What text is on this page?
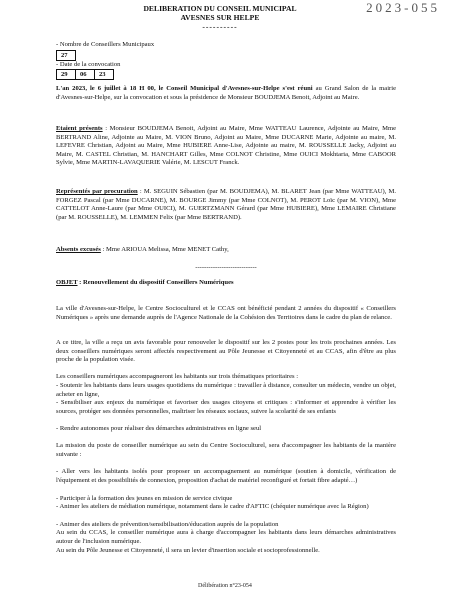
2023-055
DELIBERATION DU CONSEIL MUNICIPAL
AVESNES SUR HELPE
----------
- Nombre de Conseillers Municipaux
27
- Date de la convocation
29	06	23

L'an 2023, le 6 juillet à 18 H 00, le Conseil Municipal d'Avesnes-sur-Helpe s'est réuni au Grand Salon de la mairie d'Avesnes-sur-Helpe, sur la convocation et sous la présidence de Monsieur BOUDJEMA Benoit, Adjoint au Maire.

Etaient présents : Monsieur BOUDJEMA Benoit, Adjoint au Maire, Mme WATTEAU Laurence, Adjointe au Maire, Mme BERTRAND Aline, Adjointe au Maire, M. VION Bruno, Adjoint au Maire, Mme DUCARNE Marie, Adjointe au maire, M. LEFEVRE Christian, Adjoint au Maire, Mme HUBIERE Anne-Lise, Adjointe au maire, M. ROUSSELLE Jacky, Adjoint au Maire, M. CASTEL Christian, M. HANCHART Gilles, Mme COLNOT Christine, Mme OUICI Mokhtaria, Mme CABOOR Sylvie, Mme MARTIN-LAVAQUERIE Valérie, M. LESCUT Franck.

Représentés par procuration : M. SEGUIN Sébastien (par M. BOUDJEMA), M. BLARET Jean (par Mme WATTEAU), M. FORGEZ Pascal (par Mme DUCARNE), M. BOURGE Jimmy (par Mme COLNOT), M. PEROT Loïc (par M. VION), Mme CATTELOT Anne-Laure (par Mme OUICI), M. GUERTZMANN Gérard (par Mme HUBIERE), Mme LEMAIRE Christiane (par M. ROUSSELLE), M. LEMMEN Felix (par Mme BERTRAND).

Absents excusés : Mme ARIOUA Melissa, Mme MENET Cathy,

----------------------------

OBJET : Renouvellement du dispositif Conseillers Numériques

La ville d'Avesnes-sur-Helpe, le Centre Socioculturel et le CCAS ont bénéficié pendant 2 années du dispositif « Conseillers Numériques » après une demande auprès de l'Agence Nationale de la Cohésion des Territoires dans le cadre du plan de relance.
A ce titre, la ville a reçu un avis favorable pour renouveler le dispositif sur les 2 postes pour les trois prochaines années. Les deux conseillers numériques seront affectés respectivement au Pôle Jeunesse et Citoyenneté et au CCAS, afin d'être au plus proche de la population visée.
Les conseillers numériques accompagneront les habitants sur trois thématiques prioritaires :
- Soutenir les habitants dans leurs usages quotidiens du numérique : travailler à distance, consulter un médecin, vendre un objet, acheter en ligne,
- Sensibiliser aux enjeux du numérique et favoriser des usages citoyens et critiques : s'informer et apprendre à vérifier les sources, protéger ses données personnelles, maîtriser les réseaux sociaux, suivre la scolarité de ses enfants
- Rendre autonomes pour réaliser des démarches administratives en ligne seul
La mission du poste de conseiller numérique au sein du Centre Socioculturel, sera d'accompagner les habitants de la manière suivante :
- Aller vers les habitants isolés pour proposer un accompagnement au numérique (soutien à domicile, vérification de l'équipement et des possibilités de connexion, proposition d'achat de matériel reconfiguré et fortait fibre adapté…)
- Participer à la formation des jeunes en mission de service civique
- Animer les ateliers de médiation numérique, notamment dans le cadre d'AFTIC (chéquier numérique avec la Région)
- Animer des ateliers de prévention/sensibilisation/éducation auprès de la population
Au sein du CCAS, le conseiller numérique aura à charge d'accompagner les habitants dans leurs démarches administratives autour de l'inclusion numérique.
Au sein du Pôle Jeunesse et Citoyenneté, il sera un levier d'insertion sociale et socioprofessionnelle.
Délibération n°23-054
